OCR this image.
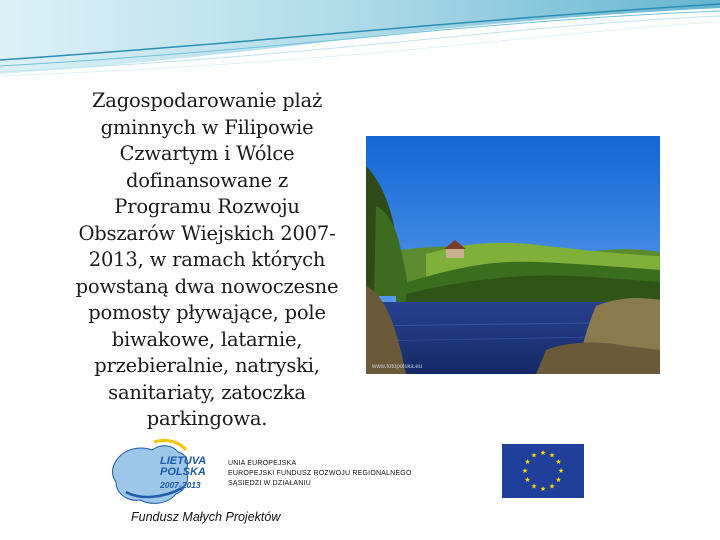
Zagospodarowanie plaż
gminnych w Filipowie
Czwartym i Wólce
dofinansowane z
Programu Rozwoju
Obszarów Wiejskich 2007-
2013, w ramach których
powstaną dwa nowoczesne
pomosty pływające, pole
biwakowe, latarnie,
przebieralnie, natryski,
sanitariaty, zatoczka
parkingowa.

www.fotopolska.eu
LIETUVA
POLSKA
2007-2013
UNIA EUROPEJSKA
EUROPEJSKI FUNDUSZ ROZWOJU REGIONALNEGO
SĄSIEDZI W DZIAŁANIU
★ ★
★
★
★
★
★
★
★
★
★
★
Fundusz Małych Projektów
